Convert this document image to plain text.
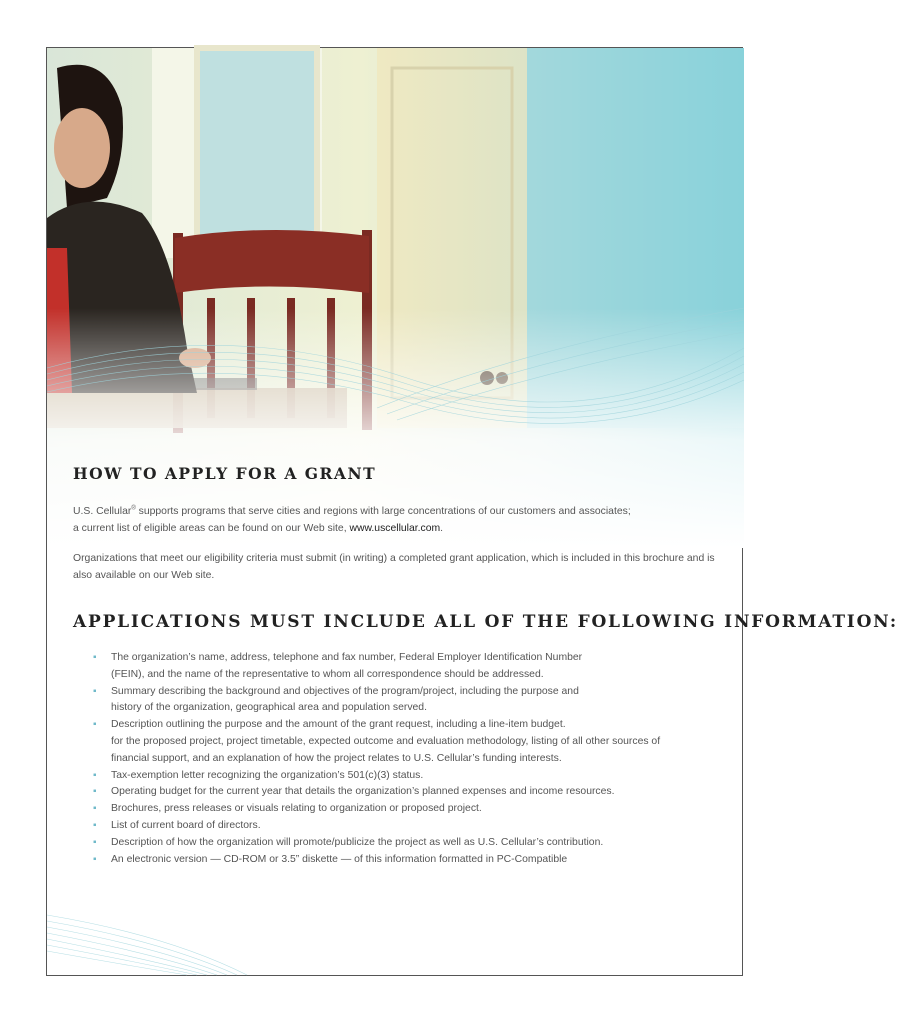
HOW TO APPLY FOR A GRANT
U.S. Cellular® supports programs that serve cities and regions with large concentrations of our customers and associates;
a current list of eligible areas can be found on our Web site, www.uscellular.com.
Organizations that meet our eligibility criteria must submit (in writing) a completed grant application, which is included in this brochure and is also available on our Web site.
APPLICATIONS MUST INCLUDE ALL OF THE FOLLOWING INFORMATION:
▪ The organization’s name, address, telephone and fax number, Federal Employer Identification Number
(FEIN), and the name of the representative to whom all correspondence should be addressed.
▪ Summary describing the background and objectives of the program/project, including the purpose and
history of the organization, geographical area and population served.
▪ Description outlining the purpose and the amount of the grant request, including a line-item budget.
for the proposed project, project timetable, expected outcome and evaluation methodology, listing of all other sources of
financial support, and an explanation of how the project relates to U.S. Cellular’s funding interests.
▪ Tax-exemption letter recognizing the organization’s 501(c)(3) status.
▪ Operating budget for the current year that details the organization’s planned expenses and income resources.
▪ Brochures, press releases or visuals relating to organization or proposed project.
▪ List of current board of directors.
▪ Description of how the organization will promote/publicize the project as well as U.S. Cellular’s contribution.
▪ An electronic version — CD-ROM or 3.5” diskette — of this information formatted in PC-Compatible
